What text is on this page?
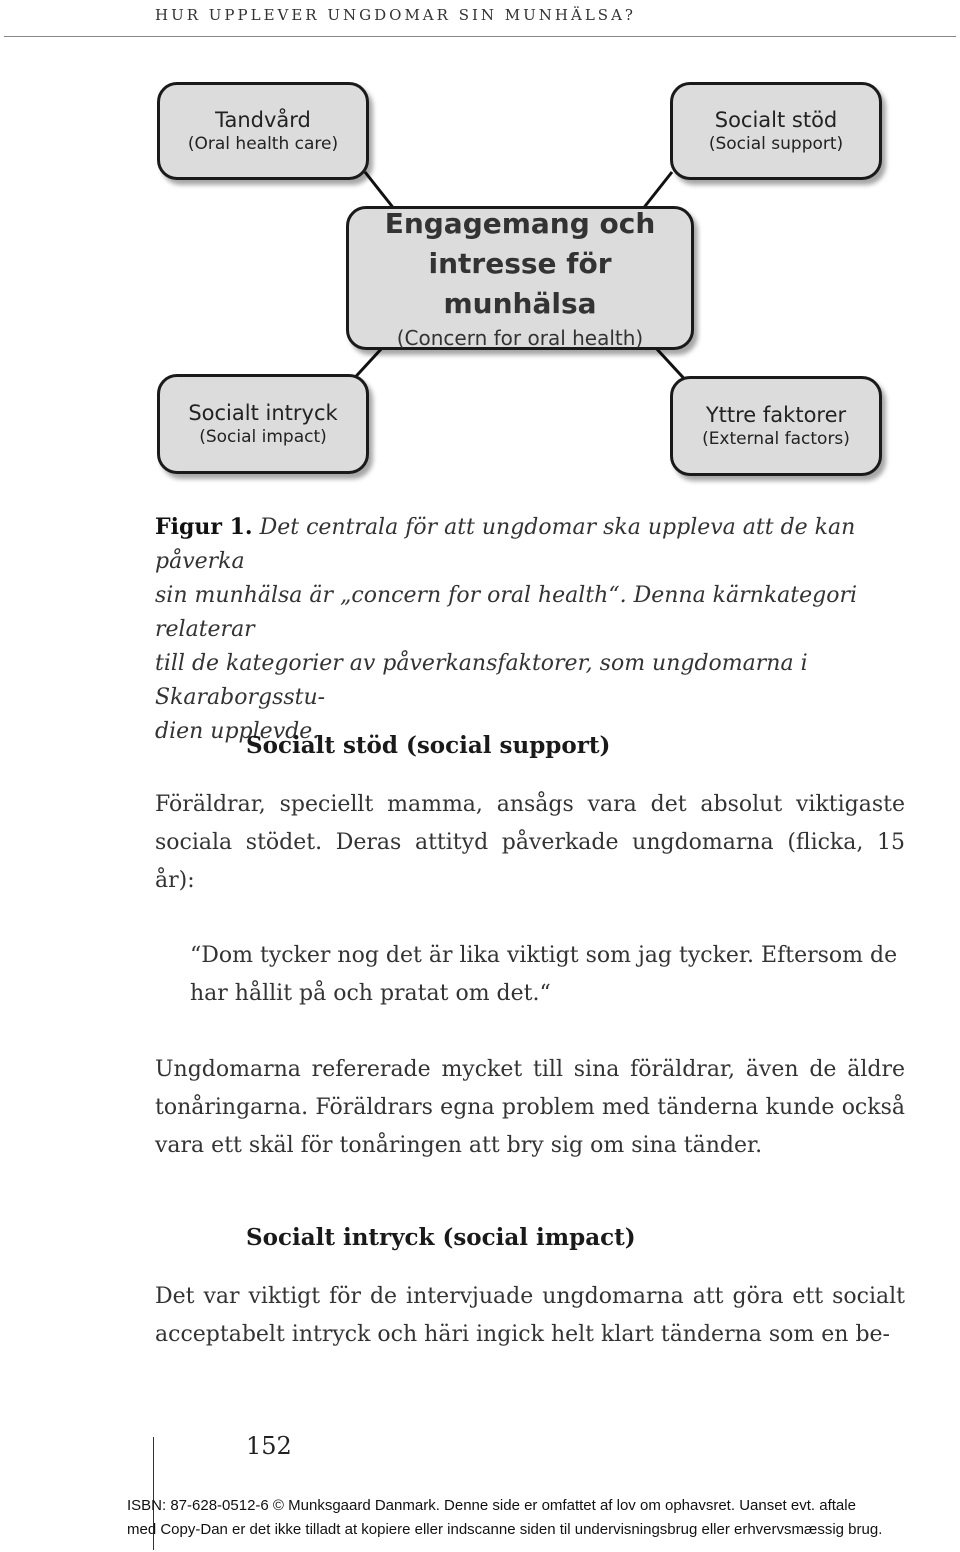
HUR UPPLEVER UNGDOMAR SIN MUNHÄLSA?
Tandvård
(Oral health care)
Socialt stöd
(Social support)
Engagemang och
intresse för munhälsa
(Concern for oral health)
Socialt intryck
(Social impact)
Yttre faktorer
(External factors)
Figur 1. Det centrala för att ungdomar ska uppleva att de kan påverka
sin munhälsa är „concern for oral health“. Denna kärnkategori relaterar
till de kategorier av påverkansfaktorer, som ungdomarna i Skaraborgsstu-
dien upplevde.
Socialt stöd (social support)
Föräldrar, speciellt mamma, ansågs vara det absolut viktigaste sociala stödet. Deras attityd påverkade ungdomarna (flicka, 15 år):
“Dom tycker nog det är lika viktigt som jag tycker. Eftersom de har hållit på och pratat om det.“
Ungdomarna refererade mycket till sina föräldrar, även de äldre tonåringarna. Föräldrars egna problem med tänderna kunde också vara ett skäl för tonåringen att bry sig om sina tänder.
Socialt intryck (social impact)
Det var viktigt för de intervjuade ungdomarna att göra ett socialt acceptabelt intryck och häri ingick helt klart tänderna som en be-
152
ISBN: 87-628-0512-6 © Munksgaard Danmark. Denne side er omfattet af lov om ophavsret. Uanset evt. aftale
med Copy-Dan er det ikke tilladt at kopiere eller indscanne siden til undervisningsbrug eller erhvervsmæssig brug.
